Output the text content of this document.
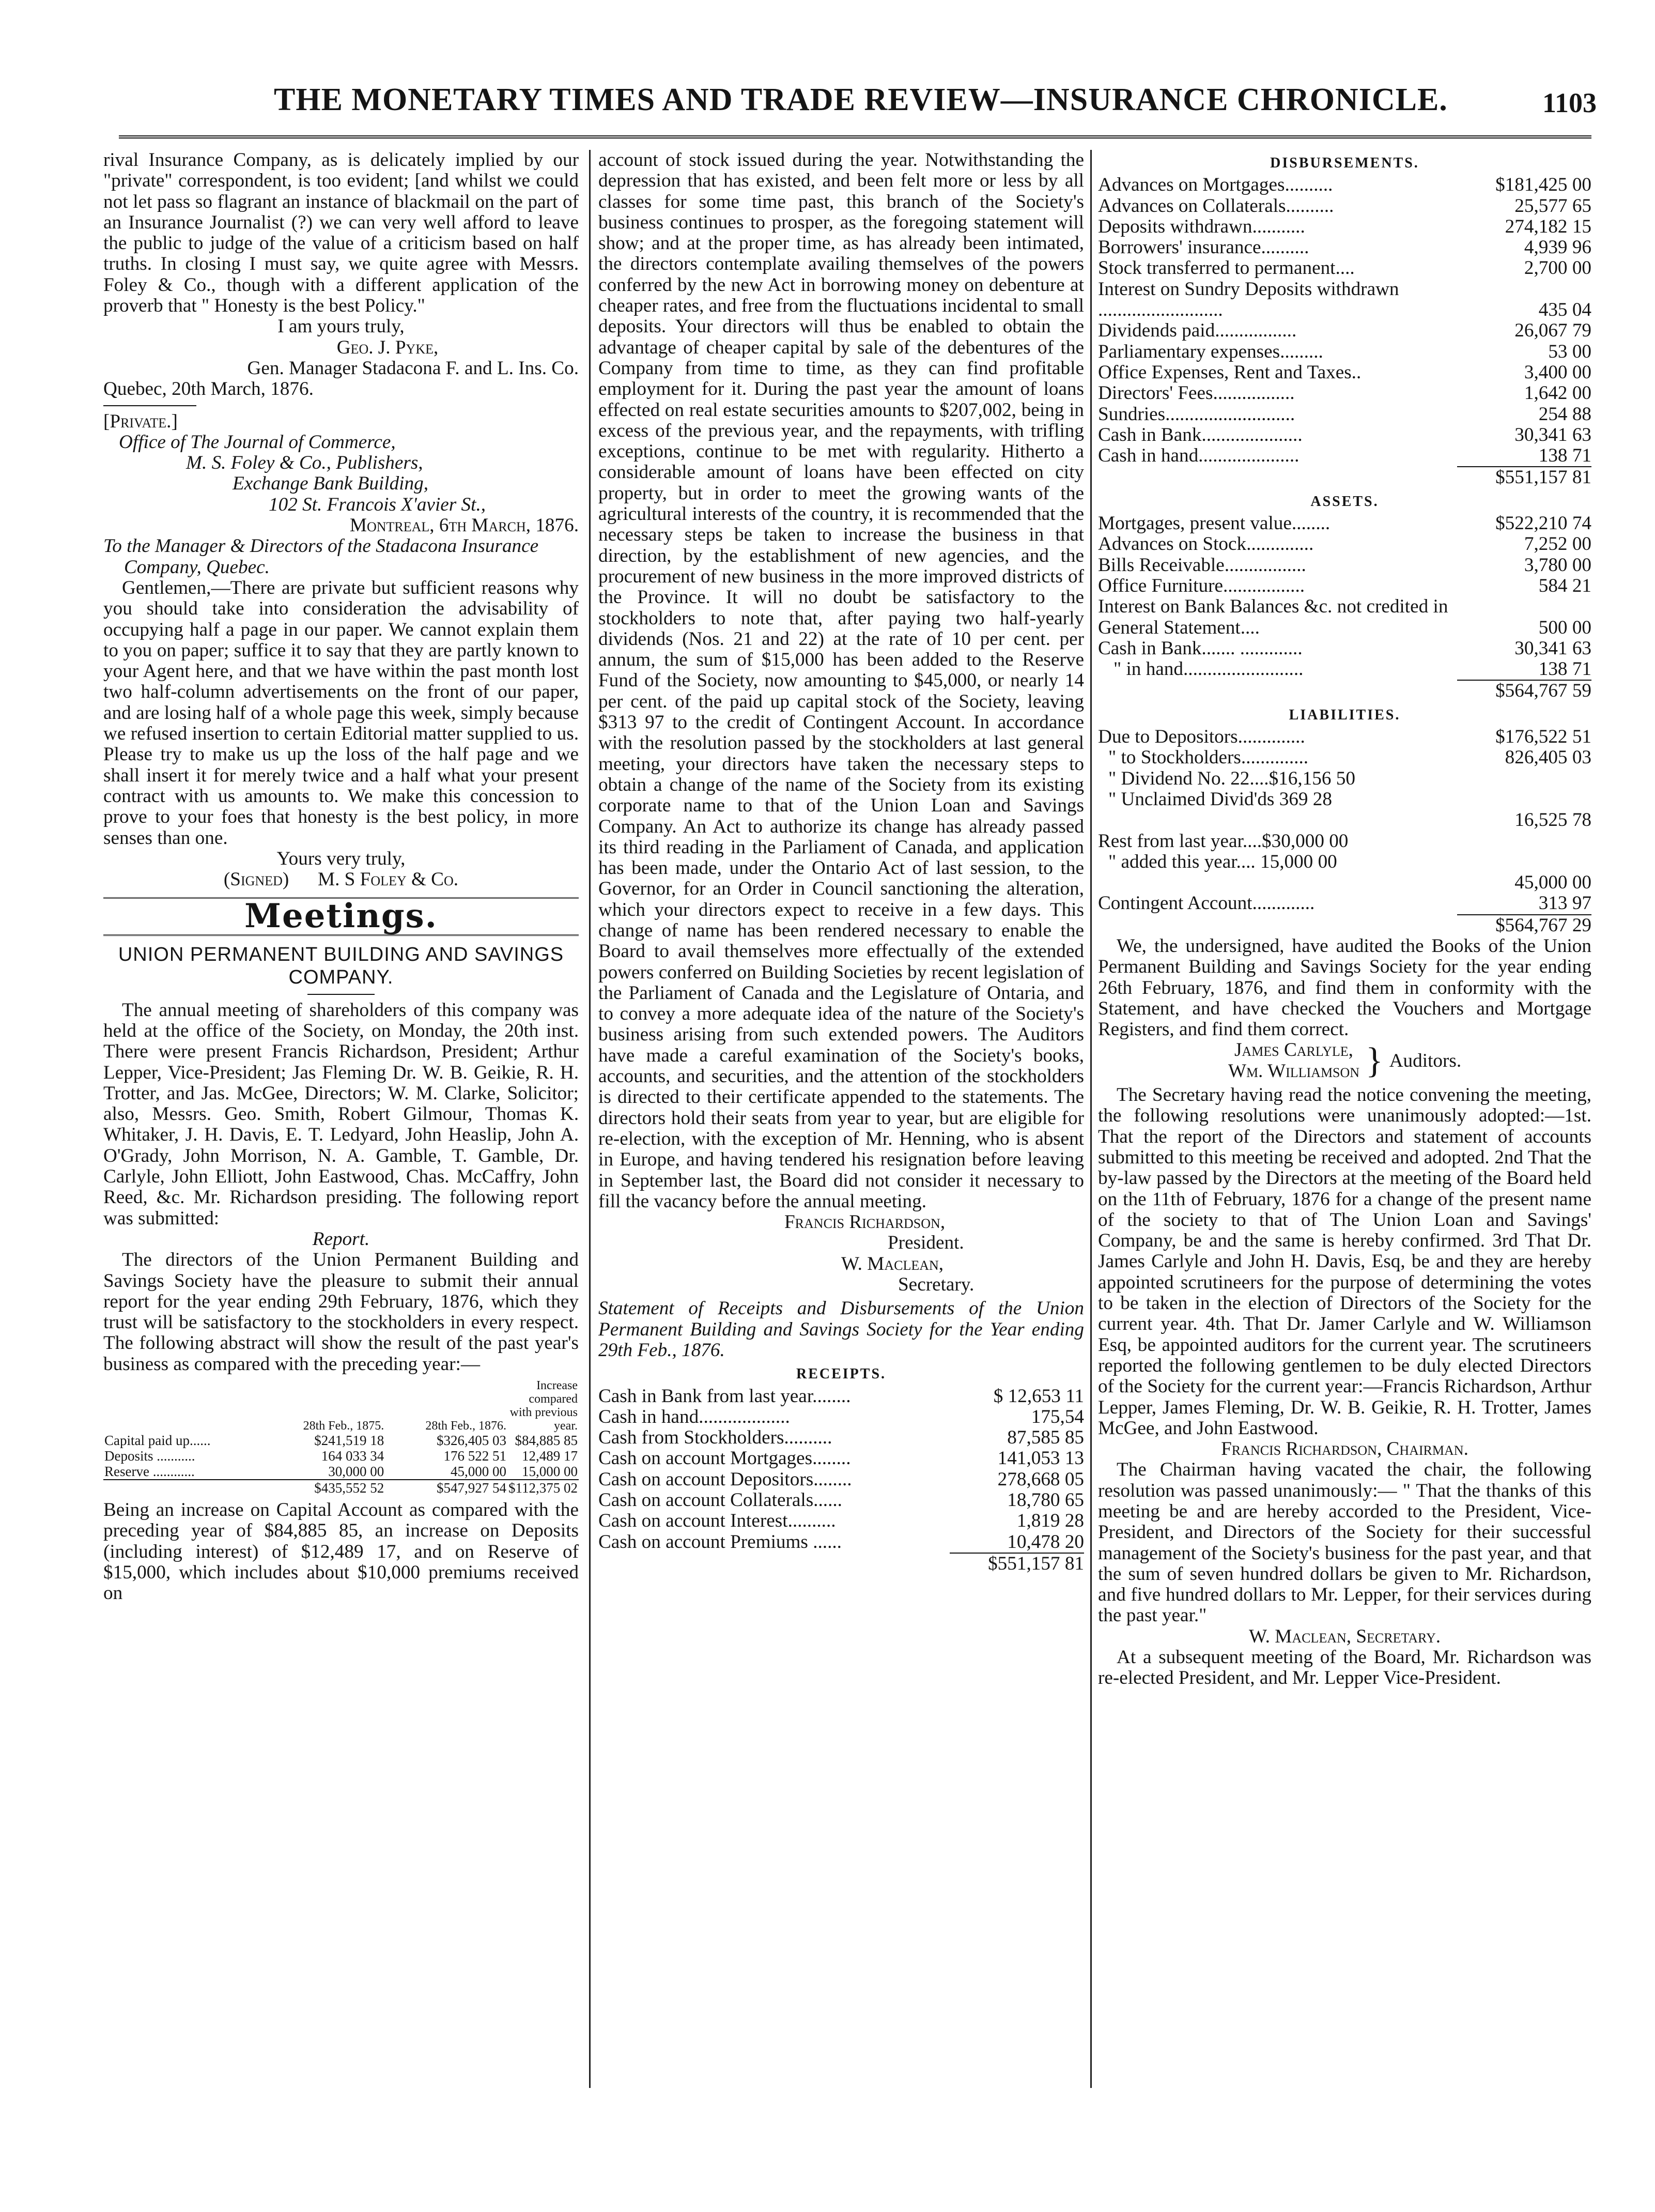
THE MONETARY TIMES AND TRADE REVIEW—INSURANCE CHRONICLE.	1103

rival Insurance Company, as is delicately implied by our "private" correspondent, is too evident; [and whilst we could not let pass so flagrant an instance of blackmail on the part of an Insurance Journalist (?) we can very well afford to leave the public to judge of the value of a criticism based on half truths. In closing I must say, we quite agree with Messrs. Foley & Co., though with a different application of the proverb that " Honesty is the best Policy."

I am yours truly,

Geo. J. Pyke,

Gen. Manager Stadacona F. and L. Ins. Co.

Quebec, 20th March, 1876.

[Private.]

Office of The Journal of Commerce,

M. S. Foley & Co., Publishers,

Exchange Bank Building,

102 St. Francois X'avier St.,

Montreal, 6th March, 1876.

To the Manager & Directors of the Stadacona Insurance Company, Quebec.

Gentlemen,—There are private but sufficient reasons why you should take into consideration the advisability of occupying half a page in our paper. We cannot explain them to you on paper; suffice it to say that they are partly known to your Agent here, and that we have within the past month lost two half-column advertisements on the front of our paper, and are losing half of a whole page this week, simply because we refused insertion to certain Editorial matter supplied to us. Please try to make us up the loss of the half page and we shall insert it for merely twice and a half what your present contract with us amounts to. We make this concession to prove to your foes that honesty is the best policy, in more senses than one.

Yours very truly,

(Signed)      M. S Foley & Co.

Meetings.
UNION PERMANENT BUILDING AND SAVINGS COMPANY.

The annual meeting of shareholders of this company was held at the office of the Society, on Monday, the 20th inst. There were present Francis Richardson, President; Arthur Lepper, Vice-President; Jas Fleming Dr. W. B. Geikie, R. H. Trotter, and Jas. McGee, Directors; W. M. Clarke, Solicitor; also, Messrs. Geo. Smith, Robert Gilmour, Thomas K. Whitaker, J. H. Davis, E. T. Ledyard, John Heaslip, John A. O'Grady, John Morrison, N. A. Gamble, T. Gamble, Dr. Carlyle, John Elliott, John Eastwood, Chas. McCaffry, John Reed, &c. Mr. Richardson presiding. The following report was submitted:

Report.

The directors of the Union Permanent Building and Savings Society have the pleasure to submit their annual report for the year ending 29th February, 1876, which they trust will be satisfactory to the stockholders in every respect. The following abstract will show the result of the past year's business as compared with the preceding year:—

	28th Feb., 1875.	28th Feb., 1876.	Increase compared with previous year.
Capital paid up......	$241,519 18	$326,405 03	$84,885 85
Deposits ...........	164 033 34	176 522 51	12,489 17
Reserve ............	30,000 00	45,000 00	15,000 00
	$435,552 52	$547,927 54	$112,375 02

Being an increase on Capital Account as compared with the preceding year of $84,885 85, an increase on Deposits (including interest) of $12,489 17, and on Reserve of $15,000, which includes about $10,000 premiums received on

account of stock issued during the year. Notwithstanding the depression that has existed, and been felt more or less by all classes for some time past, this branch of the Society's business continues to prosper, as the foregoing statement will show; and at the proper time, as has already been intimated, the directors contemplate availing themselves of the powers conferred by the new Act in borrowing money on debenture at cheaper rates, and free from the fluctuations incidental to small deposits. Your directors will thus be enabled to obtain the advantage of cheaper capital by sale of the debentures of the Company from time to time, as they can find profitable employment for it. During the past year the amount of loans effected on real estate securities amounts to $207,002, being in excess of the previous year, and the repayments, with trifling exceptions, continue to be met with regularity. Hitherto a considerable amount of loans have been effected on city property, but in order to meet the growing wants of the agricultural interests of the country, it is recommended that the necessary steps be taken to increase the business in that direction, by the establishment of new agencies, and the procurement of new business in the more improved districts of the Province. It will no doubt be satisfactory to the stockholders to note that, after paying two half-yearly dividends (Nos. 21 and 22) at the rate of 10 per cent. per annum, the sum of $15,000 has been added to the Reserve Fund of the Society, now amounting to $45,000, or nearly 14 per cent. of the paid up capital stock of the Society, leaving $313 97 to the credit of Contingent Account. In accordance with the resolution passed by the stockholders at last general meeting, your directors have taken the necessary steps to obtain a change of the name of the Society from its existing corporate name to that of the Union Loan and Savings Company. An Act to authorize its change has already passed its third reading in the Parliament of Canada, and application has been made, under the Ontario Act of last session, to the Governor, for an Order in Council sanctioning the alteration, which your directors expect to receive in a few days. This change of name has been rendered necessary to enable the Board to avail themselves more effectually of the extended powers conferred on Building Societies by recent legislation of the Parliament of Canada and the Legislature of Ontaria, and to convey a more adequate idea of the nature of the Society's business arising from such extended powers. The Auditors have made a careful examination of the Society's books, accounts, and securities, and the attention of the stockholders is directed to their certificate appended to the statements. The directors hold their seats from year to year, but are eligible for re-election, with the exception of Mr. Henning, who is absent in Europe, and having tendered his resignation before leaving in September last, the Board did not consider it necessary to fill the vacancy before the annual meeting.

Francis Richardson,

President.

W. Maclean,

Secretary.

Statement of Receipts and Disbursements of the Union Permanent Building and Savings Society for the Year ending 29th Feb., 1876.

RECEIPTS.
Cash in Bank from last year........	$ 12,653 11
Cash in hand...................	175,54
Cash from Stockholders..........	87,585 85
Cash on account Mortgages........	141,053 13
Cash on account Depositors........	278,668 05
Cash on account Collaterals......	18,780 65
Cash on account Interest..........	1,819 28
Cash on account Premiums ......	10,478 20

$551,157 81

DISBURSEMENTS.
Advances on Mortgages..........	$181,425 00
Advances on Collaterals..........	25,577 65
Deposits withdrawn...........	274,182 15
Borrowers' insurance..........	4,939 96
Stock transferred to permanent....	2,700 00
Interest on Sundry Deposits withdrawn ..........................	435 04
Dividends paid.................	26,067 79
Parliamentary expenses.........	53 00
Office Expenses, Rent and Taxes..	3,400 00
Directors' Fees.................	1,642 00
Sundries...........................	254 88
Cash in Bank.....................	30,341 63
Cash in hand.....................	138 71

$551,157 81

ASSETS.
Mortgages, present value........	$522,210 74
Advances on Stock..............	7,252 00
Bills Receivable.................	3,780 00
Office Furniture.................	584 21
Interest on Bank Balances &c. not credited in General Statement....	500 00
Cash in Bank....... .............	30,341 63
" in hand.........................	138 71

$564,767 59

LIABILITIES.
Due to Depositors..............	$176,522 51
" to Stockholders..............	826,405 03
" Dividend No. 22....$16,156 50
" Unclaimed Divid'ds 369 28
16,525 78
Rest from last year....$30,000 00
" added this year.... 15,000 00
45,000 00
Contingent Account.............	313 97

$564,767 29

We, the undersigned, have audited the Books of the Union Permanent Building and Savings Society for the year ending 26th February, 1876, and find them in conformity with the Statement, and have checked the Vouchers and Mortgage Registers, and find them correct.

James Carlyle,

Wm. Williamson } Auditors.

The Secretary having read the notice convening the meeting, the following resolutions were unanimously adopted:—1st. That the report of the Directors and statement of accounts submitted to this meeting be received and adopted. 2nd That the by-law passed by the Directors at the meeting of the Board held on the 11th of February, 1876 for a change of the present name of the society to that of The Union Loan and Savings' Company, be and the same is hereby confirmed. 3rd That Dr. James Carlyle and John H. Davis, Esq, be and they are hereby appointed scrutineers for the purpose of determining the votes to be taken in the election of Directors of the Society for the current year. 4th. That Dr. Jamer Carlyle and W. Williamson Esq, be appointed auditors for the current year. The scrutineers reported the following gentlemen to be duly elected Directors of the Society for the current year:—Francis Richardson, Arthur Lepper, James Fleming, Dr. W. B. Geikie, R. H. Trotter, James McGee, and John Eastwood.

Francis Richardson, Chairman.

The Chairman having vacated the chair, the following resolution was passed unanimously:— " That the thanks of this meeting be and are hereby accorded to the President, Vice-President, and Directors of the Society for their successful management of the Society's business for the past year, and that the sum of seven hundred dollars be given to Mr. Richardson, and five hundred dollars to Mr. Lepper, for their services during the past year."

W. Maclean, Secretary.

At a subsequent meeting of the Board, Mr. Richardson was re-elected President, and Mr. Lepper Vice-President.
